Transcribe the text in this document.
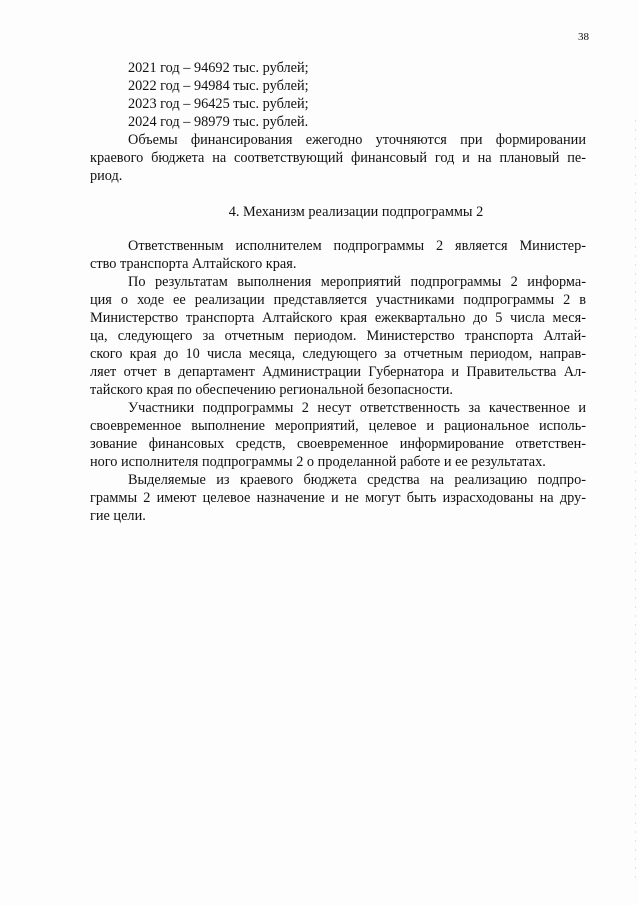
38
2021 год – 94692 тыс. рублей;
2022 год – 94984 тыс. рублей;
2023 год – 96425 тыс. рублей;
2024 год – 98979 тыс. рублей.
Объемы финансирования ежегодно уточняются при формировании
краевого бюджета на соответствующий финансовый год и на плановый пе-
риод.
4. Механизм реализации подпрограммы 2
Ответственным исполнителем подпрограммы 2 является Министер-
ство транспорта Алтайского края.
По результатам выполнения мероприятий подпрограммы 2 информа-
ция о ходе ее реализации представляется участниками подпрограммы 2 в
Министерство транспорта Алтайского края ежеквартально до 5 числа меся-
ца, следующего за отчетным периодом. Министерство транспорта Алтай-
ского края до 10 числа месяца, следующего за отчетным периодом, направ-
ляет отчет в департамент Администрации Губернатора и Правительства Ал-
тайского края по обеспечению региональной безопасности.
Участники подпрограммы 2 несут ответственность за качественное и
своевременное выполнение мероприятий, целевое и рациональное исполь-
зование финансовых средств, своевременное информирование ответствен-
ного исполнителя подпрограммы 2 о проделанной работе и ее результатах.
Выделяемые из краевого бюджета средства на реализацию подпро-
граммы 2 имеют целевое назначение и не могут быть израсходованы на дру-
гие цели.
